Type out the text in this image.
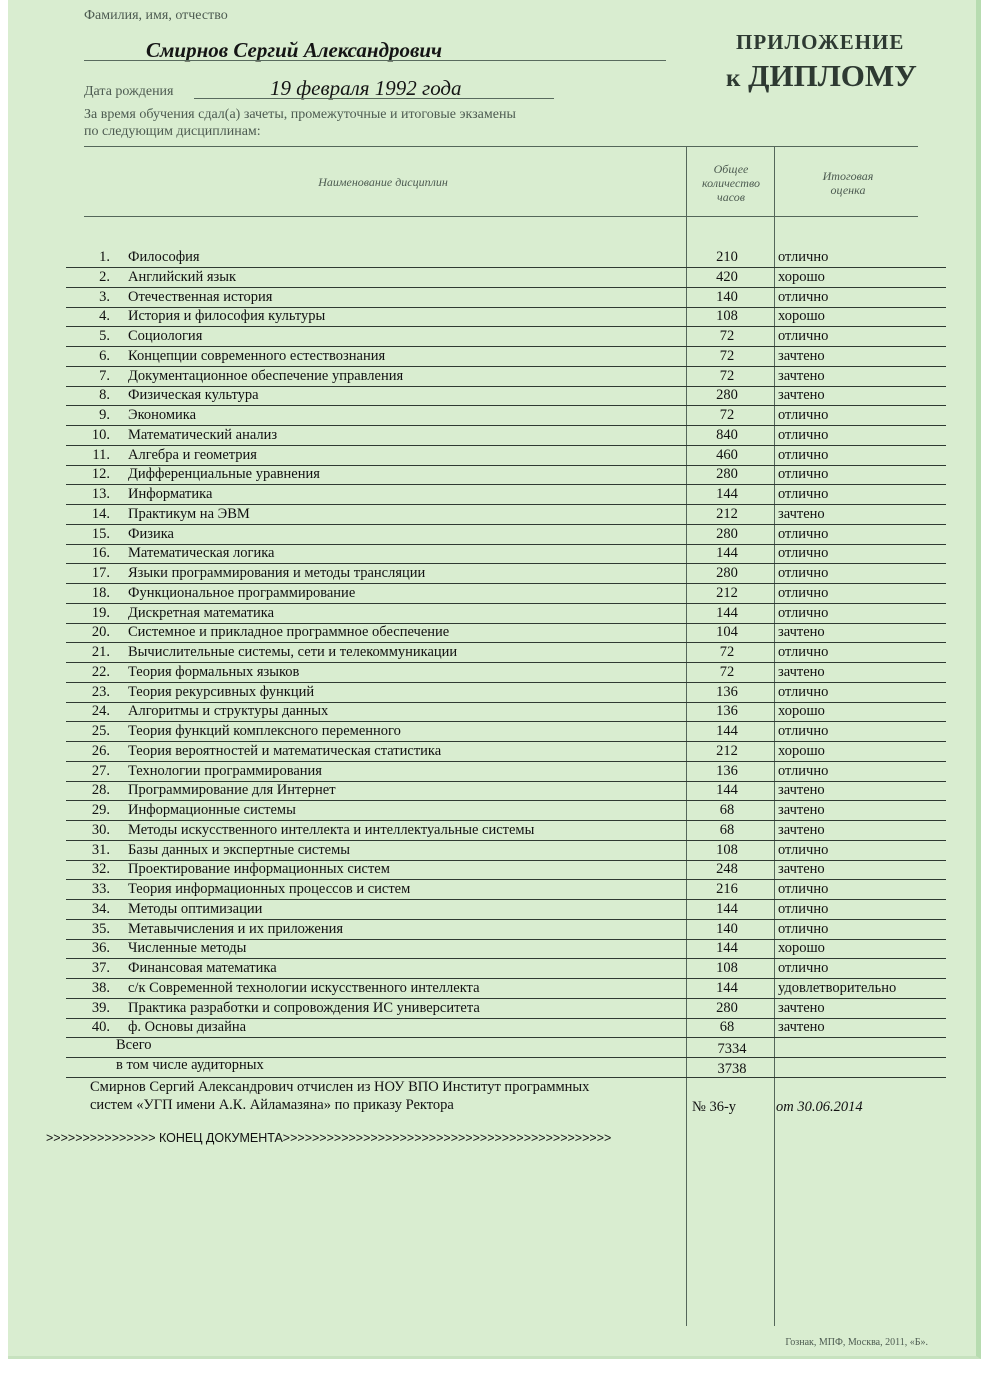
Фамилия, имя, отчество
Смирнов Сергий Александрович	ПРИЛОЖЕНИЕ
к ДИПЛОМУ
Дата рождения	19 февраля 1992 года
За время обучения сдал(а) зачеты, промежуточные и итоговые экзамены
по следующим дисциплинам:
Наименование дисциплин
Общее
количество
часов
Итоговая
оценка
1. Философия	210	отлично
2. Английский язык	420	хорошо
3. Отечественная история	140	отлично
4. История и философия культуры	108	хорошо
5. Социология	72	отлично
6. Концепции современного естествознания	72	зачтено
7. Документационное обеспечение управления	72	зачтено
8. Физическая культура	280	зачтено
9. Экономика	72	отлично
10. Математический анализ	840	отлично
11. Алгебра и геометрия	460	отлично
12. Дифференциальные уравнения	280	отлично
13. Информатика	144	отлично
14. Практикум на ЭВМ	212	зачтено
15. Физика	280	отлично
16. Математическая логика	144	отлично
17. Языки программирования и методы трансляции	280	отлично
18. Функциональное программирование	212	отлично
19. Дискретная математика	144	отлично
20. Системное и прикладное программное обеспечение	104	зачтено
21. Вычислительные системы, сети и телекоммуникации	72	отлично
22. Теория формальных языков	72	зачтено
23. Теория рекурсивных функций	136	отлично
24. Алгоритмы и структуры данных	136	хорошо
25. Теория функций комплексного переменного	144	отлично
26. Теория вероятностей и математическая статистика	212	хорошо
27. Технологии программирования	136	отлично
28. Программирование для Интернет	144	зачтено
29. Информационные системы	68	зачтено
30. Методы искусственного интеллекта и интеллектуальные системы	68	зачтено
31. Базы данных и экспертные системы	108	отлично
32. Проектирование информационных систем	248	зачтено
33. Теория информационных процессов и систем	216	отлично
34. Методы оптимизации	144	отлично
35. Метавычисления и их приложения	140	отлично
36. Численные методы	144	хорошо
37. Финансовая математика	108	отлично
38. с/к Современной технологии искусственного интеллекта	144	удовлетворительно
39. Практика разработки и сопровождения ИС университета	280	зачтено
40. ф. Основы дизайна	68	зачтено
Всего	7334
в том числе аудиторных	3738
Смирнов Сергий Александрович отчислен из НОУ ВПО Институт программных
систем «УГП имени А.К. Айламазяна» по приказу Ректора	№ 36-у	от 30.06.2014
>>>>>>>>>>>>>>> КОНЕЦ ДОКУМЕНТА>>>>>>>>>>>>>>>>>>>>>>>>>>>>>>>>>>>>>>>>>>>>>
Гознак, МПФ, Москва, 2011, «Б».
